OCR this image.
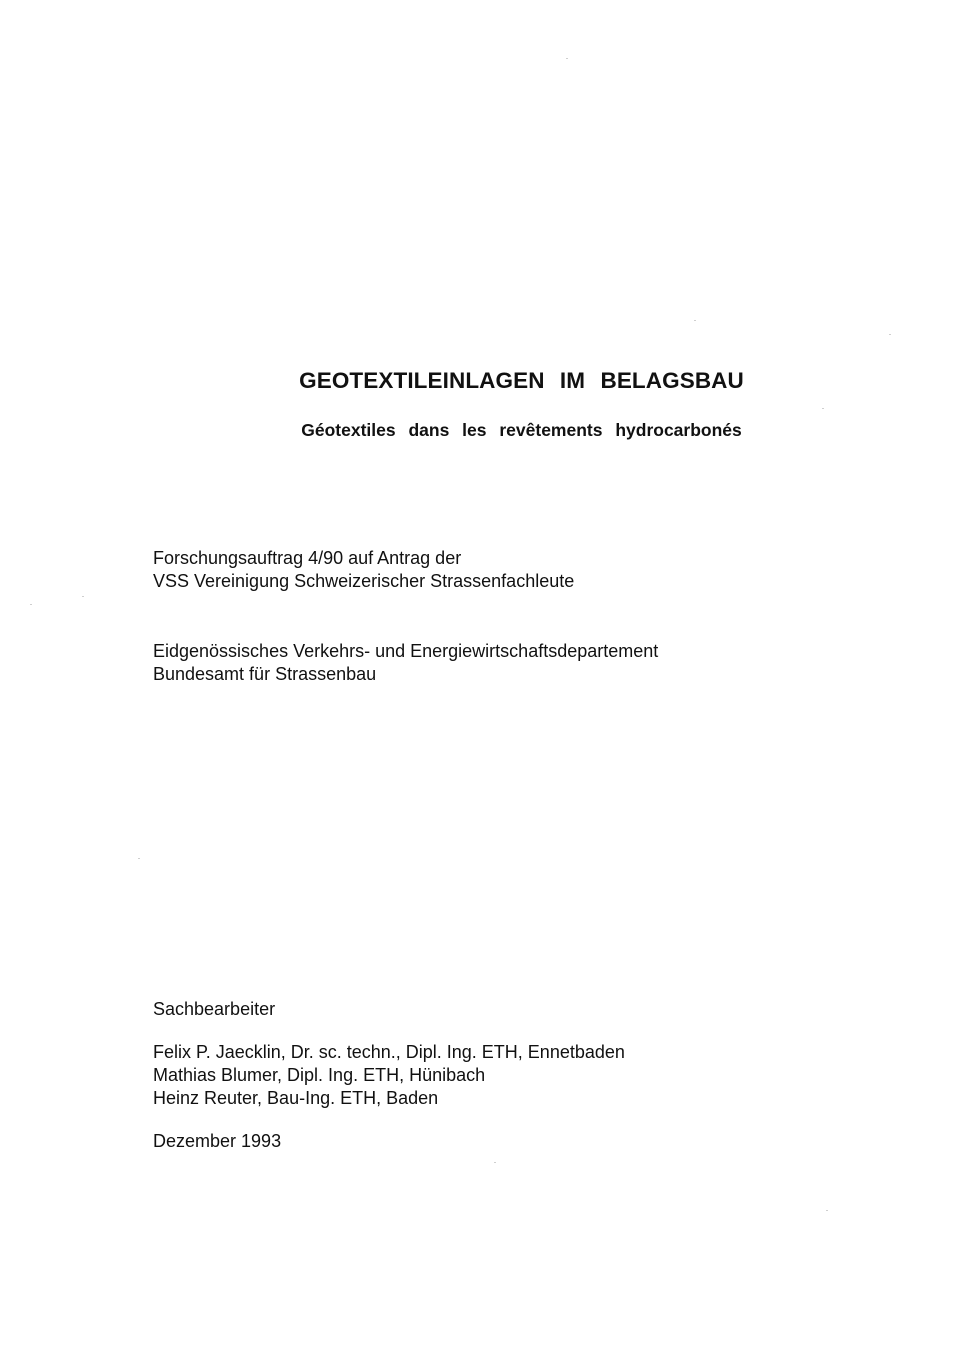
GEOTEXTILEINLAGEN IM BELAGSBAU
Géotextiles dans les revêtements hydrocarbonés
Forschungsauftrag 4/90 auf Antrag der
VSS Vereinigung Schweizerischer Strassenfachleute
Eidgenössisches Verkehrs- und Energiewirtschaftsdepartement
Bundesamt für Strassenbau
Sachbearbeiter
Felix P. Jaecklin, Dr. sc. techn., Dipl. Ing. ETH, Ennetbaden
Mathias Blumer, Dipl. Ing. ETH, Hünibach
Heinz Reuter, Bau-Ing. ETH, Baden
Dezember 1993
